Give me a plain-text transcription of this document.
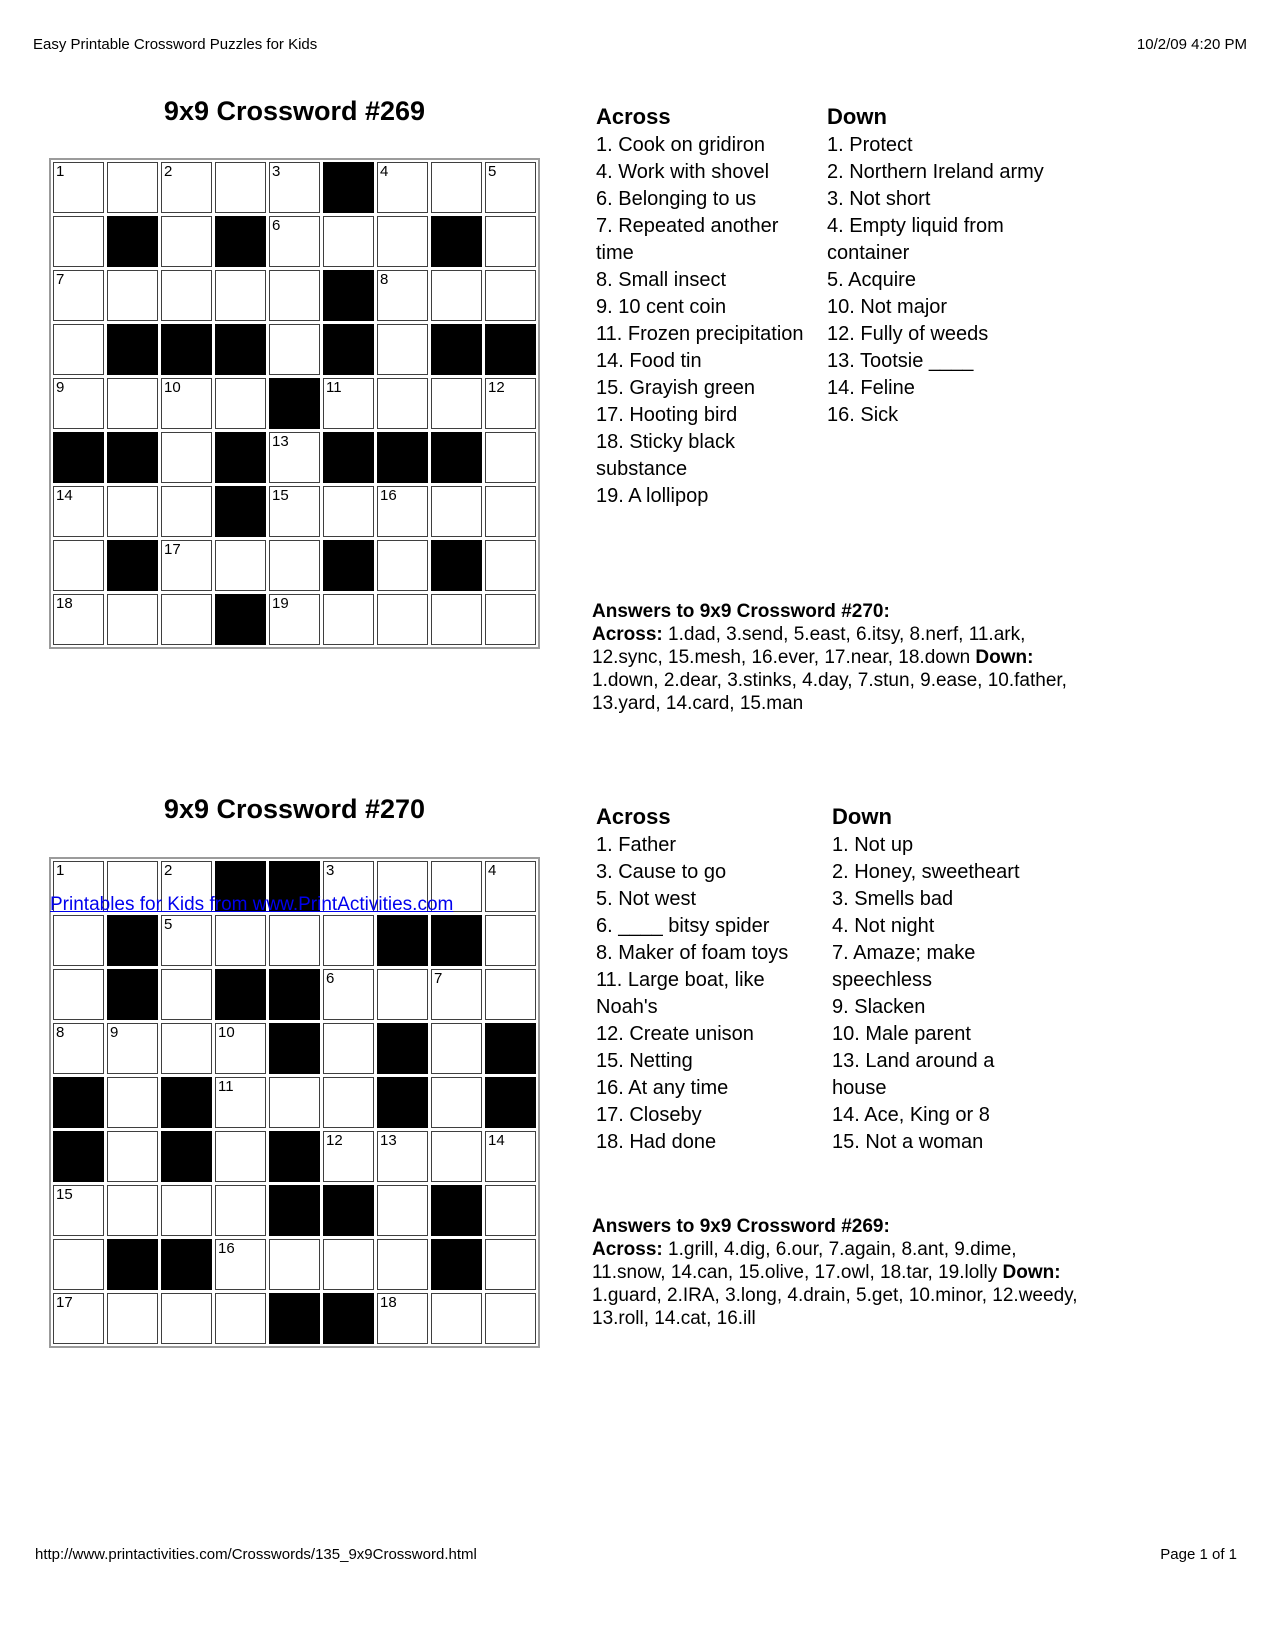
Easy Printable Crossword Puzzles for Kids	10/2/09 4:20 PM
9x9 Crossword #269
1	2	3	4	5
6
7	8
9	10	11	12
13
14	15	16
17
18	19
Across
1. Cook on gridiron
4. Work with shovel
6. Belonging to us
7. Repeated another time
8. Small insect
9. 10 cent coin
11. Frozen precipitation
14. Food tin
15. Grayish green
17. Hooting bird
18. Sticky black substance
19. A lollipop
Down
1. Protect
2. Northern Ireland army
3. Not short
4. Empty liquid from container
5. Acquire
10. Not major
12. Fully of weeds
13. Tootsie ____
14. Feline
16. Sick
Answers to 9x9 Crossword #270:

Across: 1.dad, 3.send, 5.east, 6.itsy, 8.nerf, 11.ark, 12.sync, 15.mesh, 16.ever, 17.near, 18.down Down: 1.down, 2.dear, 3.stinks, 4.day, 7.stun, 9.ease, 10.father, 13.yard, 14.card, 15.man

9x9 Crossword #270
1	2	3	4
5
6	7
8	9	10
11
12 13	14
15
16
17	18
Printables for Kids from www.PrintActivities.com
Across
1. Father
3. Cause to go
5. Not west
6. ____ bitsy spider
8. Maker of foam toys
11. Large boat, like Noah's
12. Create unison
15. Netting
16. At any time
17. Closeby
18. Had done
Down
1. Not up
2. Honey, sweetheart
3. Smells bad
4. Not night
7. Amaze; make speechless
9. Slacken
10. Male parent
13. Land around a house
14. Ace, King or 8
15. Not a woman
Answers to 9x9 Crossword #269:

Across: 1.grill, 4.dig, 6.our, 7.again, 8.ant, 9.dime, 11.snow, 14.can, 15.olive, 17.owl, 18.tar, 19.lolly Down: 1.guard, 2.IRA, 3.long, 4.drain, 5.get, 10.minor, 12.weedy, 13.roll, 14.cat, 16.ill

http://www.printactivities.com/Crosswords/135_9x9Crossword.html	Page 1 of 1
